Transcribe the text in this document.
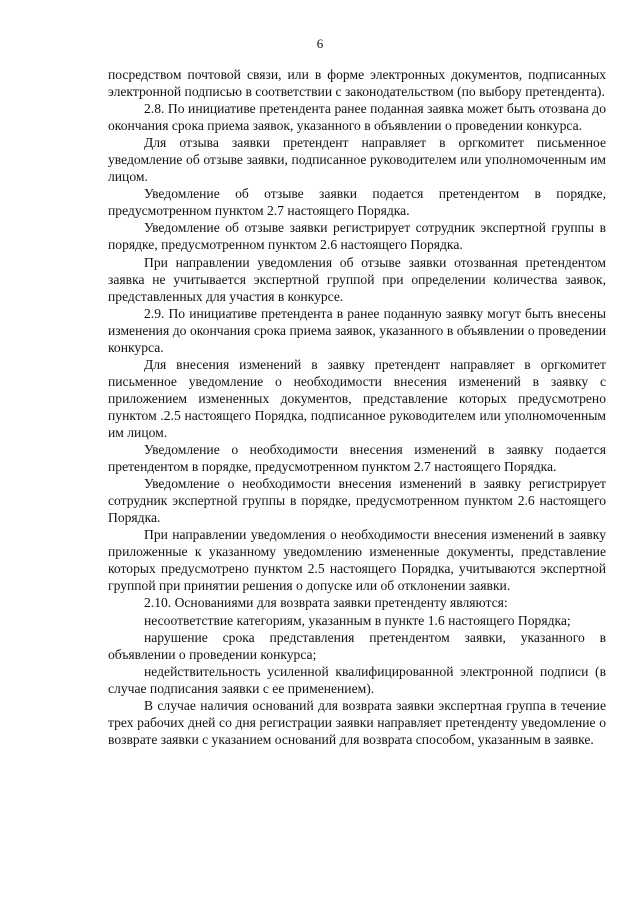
6

посредством почтовой связи, или в форме электронных документов, подписанных электронной подписью в соответствии с законодательством (по выбору претендента).

2.8. По инициативе претендента ранее поданная заявка может быть отозвана до окончания срока приема заявок, указанного в объявлении о проведении конкурса.

Для отзыва заявки претендент направляет в оргкомитет письменное уведомление об отзыве заявки, подписанное руководителем или уполномоченным им лицом.

Уведомление об отзыве заявки подается претендентом в порядке, предусмотренном пунктом 2.7 настоящего Порядка.

Уведомление об отзыве заявки регистрирует сотрудник экспертной группы в порядке, предусмотренном пунктом 2.6 настоящего Порядка.

При направлении уведомления об отзыве заявки отозванная претендентом заявка не учитывается экспертной группой при определении количества заявок, представленных для участия в конкурсе.

2.9. По инициативе претендента в ранее поданную заявку могут быть внесены изменения до окончания срока приема заявок, указанного в объявлении о проведении конкурса.

Для внесения изменений в заявку претендент направляет в оргкомитет письменное уведомление о необходимости внесения изменений в заявку с приложением измененных документов, представление которых предусмотрено пунктом .2.5 настоящего Порядка, подписанное руководителем или уполномоченным им лицом.

Уведомление о необходимости внесения изменений в заявку подается претендентом в порядке, предусмотренном пунктом 2.7 настоящего Порядка.

Уведомление о необходимости внесения изменений в заявку регистрирует сотрудник экспертной группы в порядке, предусмотренном пунктом 2.6 настоящего Порядка.

При направлении уведомления о необходимости внесения изменений в заявку приложенные к указанному уведомлению измененные документы, представление которых предусмотрено пунктом 2.5 настоящего Порядка, учитываются экспертной группой при принятии решения о допуске или об отклонении заявки.

2.10. Основаниями для возврата заявки претенденту являются:

несоответствие категориям, указанным в пункте 1.6 настоящего Порядка;

нарушение срока представления претендентом заявки, указанного в объявлении о проведении конкурса;

недействительность усиленной квалифицированной электронной подписи (в случае подписания заявки с ее применением).

В случае наличия оснований для возврата заявки экспертная группа в течение трех рабочих дней со дня регистрации заявки направляет претенденту уведомление о возврате заявки с указанием оснований для возврата способом, указанным в заявке.
